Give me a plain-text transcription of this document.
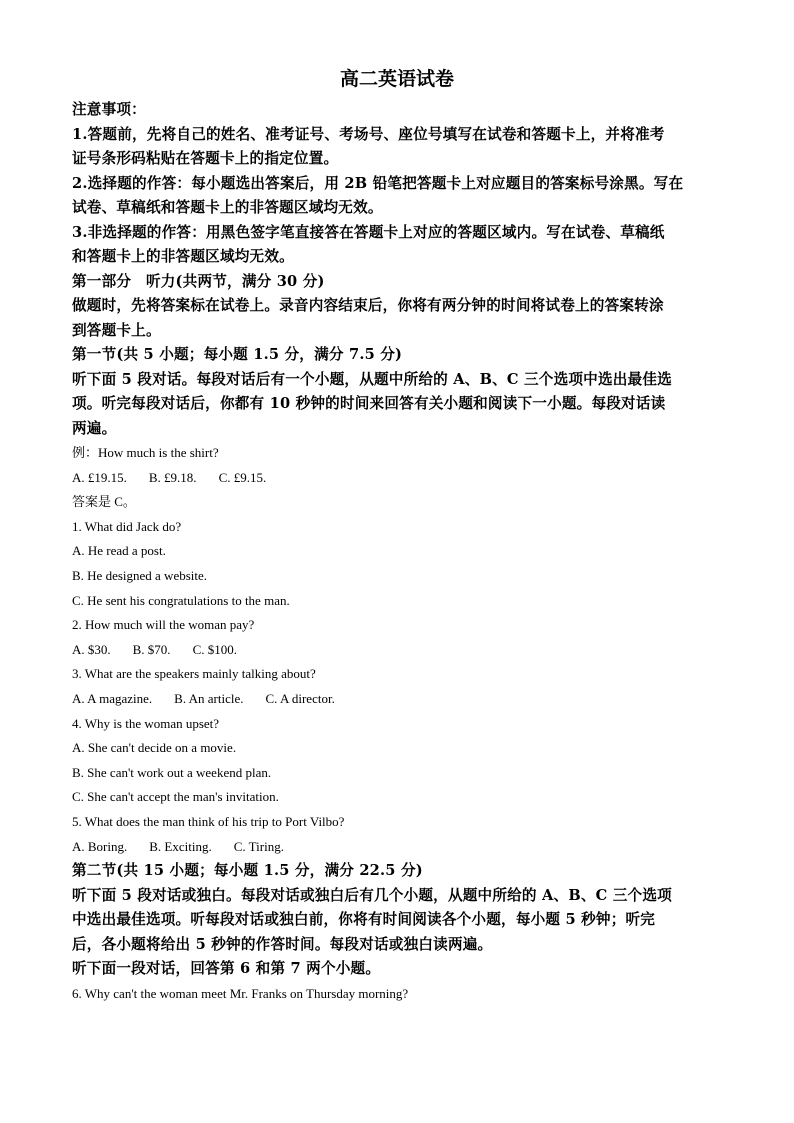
高二英语试卷

注意事项：

1.答题前，先将自己的姓名、准考证号、考场号、座位号填写在试卷和答题卡上，并将准考

证号条形码粘贴在答题卡上的指定位置。

2.选择题的作答：每小题选出答案后，用 2B 铅笔把答题卡上对应题目的答案标号涂黑。写在

试卷、草稿纸和答题卡上的非答题区域均无效。

3.非选择题的作答：用黑色签字笔直接答在答题卡上对应的答题区域内。写在试卷、草稿纸

和答题卡上的非答题区域均无效。

第一部分　听力(共两节，满分 30 分)

做题时，先将答案标在试卷上。录音内容结束后，你将有两分钟的时间将试卷上的答案转涂

到答题卡上。

第一节(共 5 小题；每小题 1.5 分，满分 7.5 分)

听下面 5 段对话。每段对话后有一个小题，从题中所给的 A、B、C 三个选项中选出最佳选

项。听完每段对话后，你都有 10 秒钟的时间来回答有关小题和阅读下一小题。每段对话读

两遍。

例：How much is the shirt?

A. £19.15. B. £9.18. C. £9.15.

答案是 C。

1. What did Jack do?

A. He read a post.

B. He designed a website.

C. He sent his congratulations to the man.

2. How much will the woman pay?

A. $30. B. $70. C. $100.

3. What are the speakers mainly talking about?

A. A magazine. B. An article. C. A director.

4. Why is the woman upset?

A. She can't decide on a movie.

B. She can't work out a weekend plan.

C. She can't accept the man's invitation.

5. What does the man think of his trip to Port Vilbo?

A. Boring. B. Exciting. C. Tiring.

第二节(共 15 小题；每小题 1.5 分，满分 22.5 分)

听下面 5 段对话或独白。每段对话或独白后有几个小题，从题中所给的 A、B、C 三个选项

中选出最佳选项。听每段对话或独白前，你将有时间阅读各个小题，每小题 5 秒钟；听完

后，各小题将给出 5 秒钟的作答时间。每段对话或独白读两遍。

听下面一段对话，回答第 6 和第 7 两个小题。

6. Why can't the woman meet Mr. Franks on Thursday morning?
